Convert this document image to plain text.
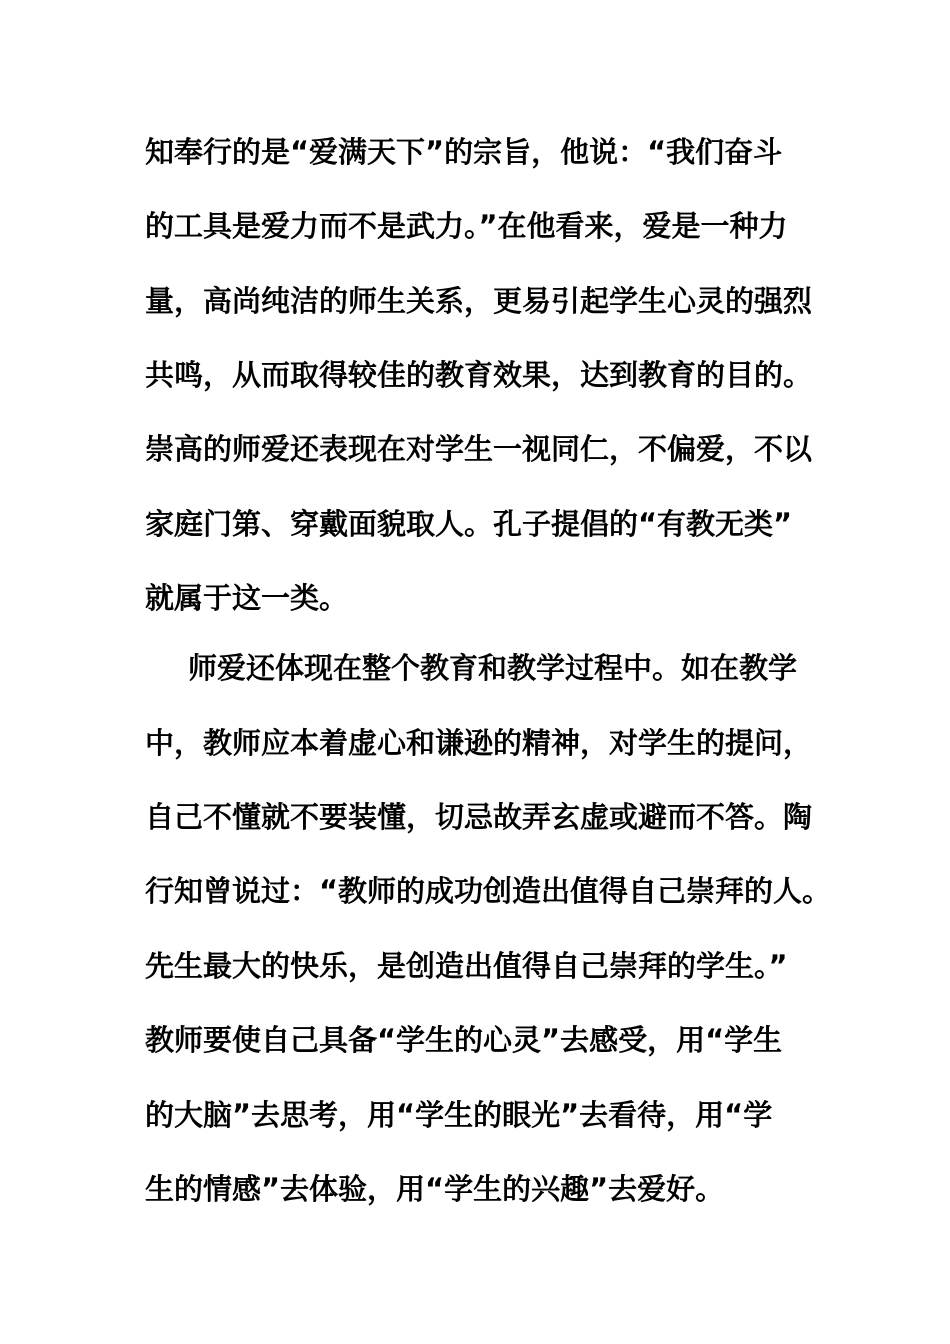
知奉行的是“爱满天下”的宗旨，他说：“我们奋斗
的工具是爱力而不是武力。”在他看来，爱是一种力
量，高尚纯洁的师生关系，更易引起学生心灵的强烈
共鸣，从而取得较佳的教育效果，达到教育的目的。
崇高的师爱还表现在对学生一视同仁，不偏爱，不以
家庭门第、穿戴面貌取人。孔子提倡的“有教无类”
就属于这一类。
师爱还体现在整个教育和教学过程中。如在教学
中，教师应本着虚心和谦逊的精神，对学生的提问，
自己不懂就不要装懂，切忌故弄玄虚或避而不答。陶
行知曾说过：“教师的成功创造出值得自己崇拜的人。
先生最大的快乐，是创造出值得自己崇拜的学生。”
教师要使自己具备“学生的心灵”去感受，用“学生
的大脑”去思考，用“学生的眼光”去看待，用“学
生的情感”去体验，用“学生的兴趣”去爱好。
